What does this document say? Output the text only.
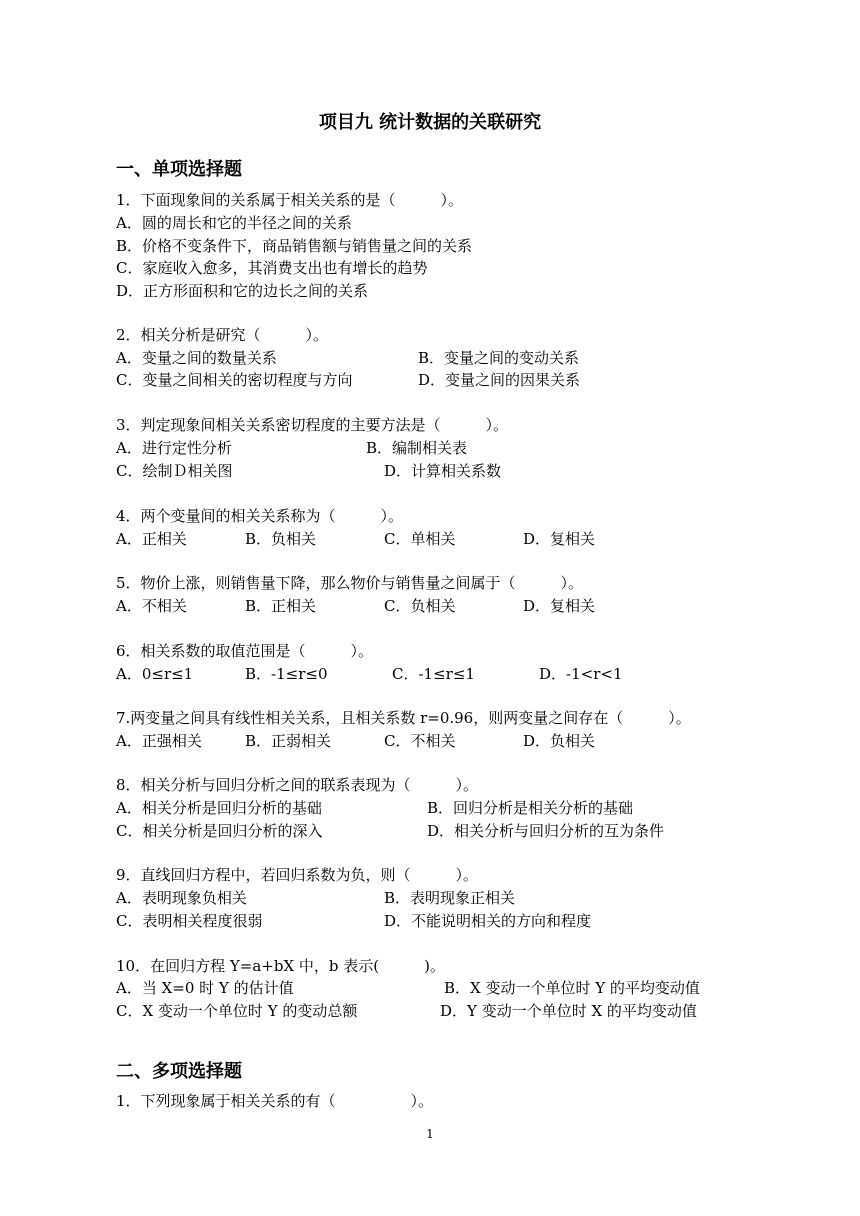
项目九 统计数据的关联研究
一、单项选择题
1．下面现象间的关系属于相关关系的是（　　　）。
A．圆的周长和它的半径之间的关系
B．价格不变条件下，商品销售额与销售量之间的关系
C．家庭收入愈多，其消费支出也有增长的趋势
D．正方形面积和它的边长之间的关系
2．相关分析是研究（　　　）。
A．变量之间的数量关系	B．变量之间的变动关系
C．变量之间相关的密切程度与方向	D．变量之间的因果关系
3．判定现象间相关关系密切程度的主要方法是（　　　）。
A．进行定性分析	B．编制相关表
C．绘制Ｄ相关图	D．计算相关系数
4．两个变量间的相关关系称为（　　　）。
A．正相关	B．负相关	C．单相关	D．复相关
5．物价上涨，则销售量下降，那么物价与销售量之间属于（　　　）。
A．不相关	B．正相关	C．负相关	D．复相关
6．相关系数的取值范围是（　　　）。
A．0≤r≤1	B．-1≤r≤0	C．-1≤r≤1	D．-1<r<1
7.两变量之间具有线性相关关系，且相关系数 r=0.96，则两变量之间存在（　　　）。
A．正强相关	B．正弱相关	C．不相关	D．负相关
8．相关分析与回归分析之间的联系表现为（　　　）。
A．相关分析是回归分析的基础	B．回归分析是相关分析的基础
C．相关分析是回归分析的深入	D．相关分析与回归分析的互为条件
9．直线回归方程中，若回归系数为负，则（　　　）。
A．表明现象负相关	B．表明现象正相关
C．表明相关程度很弱	D．不能说明相关的方向和程度
10．在回归方程 Y=a+bX 中，b 表示(　　　)。
A．当 X=0 时 Y 的估计值	B．X 变动一个单位时 Y 的平均变动值
C．X 变动一个单位时 Y 的变动总额	D．Y 变动一个单位时 X 的平均变动值
二、多项选择题
1．下列现象属于相关关系的有（　　　　　）。
1
